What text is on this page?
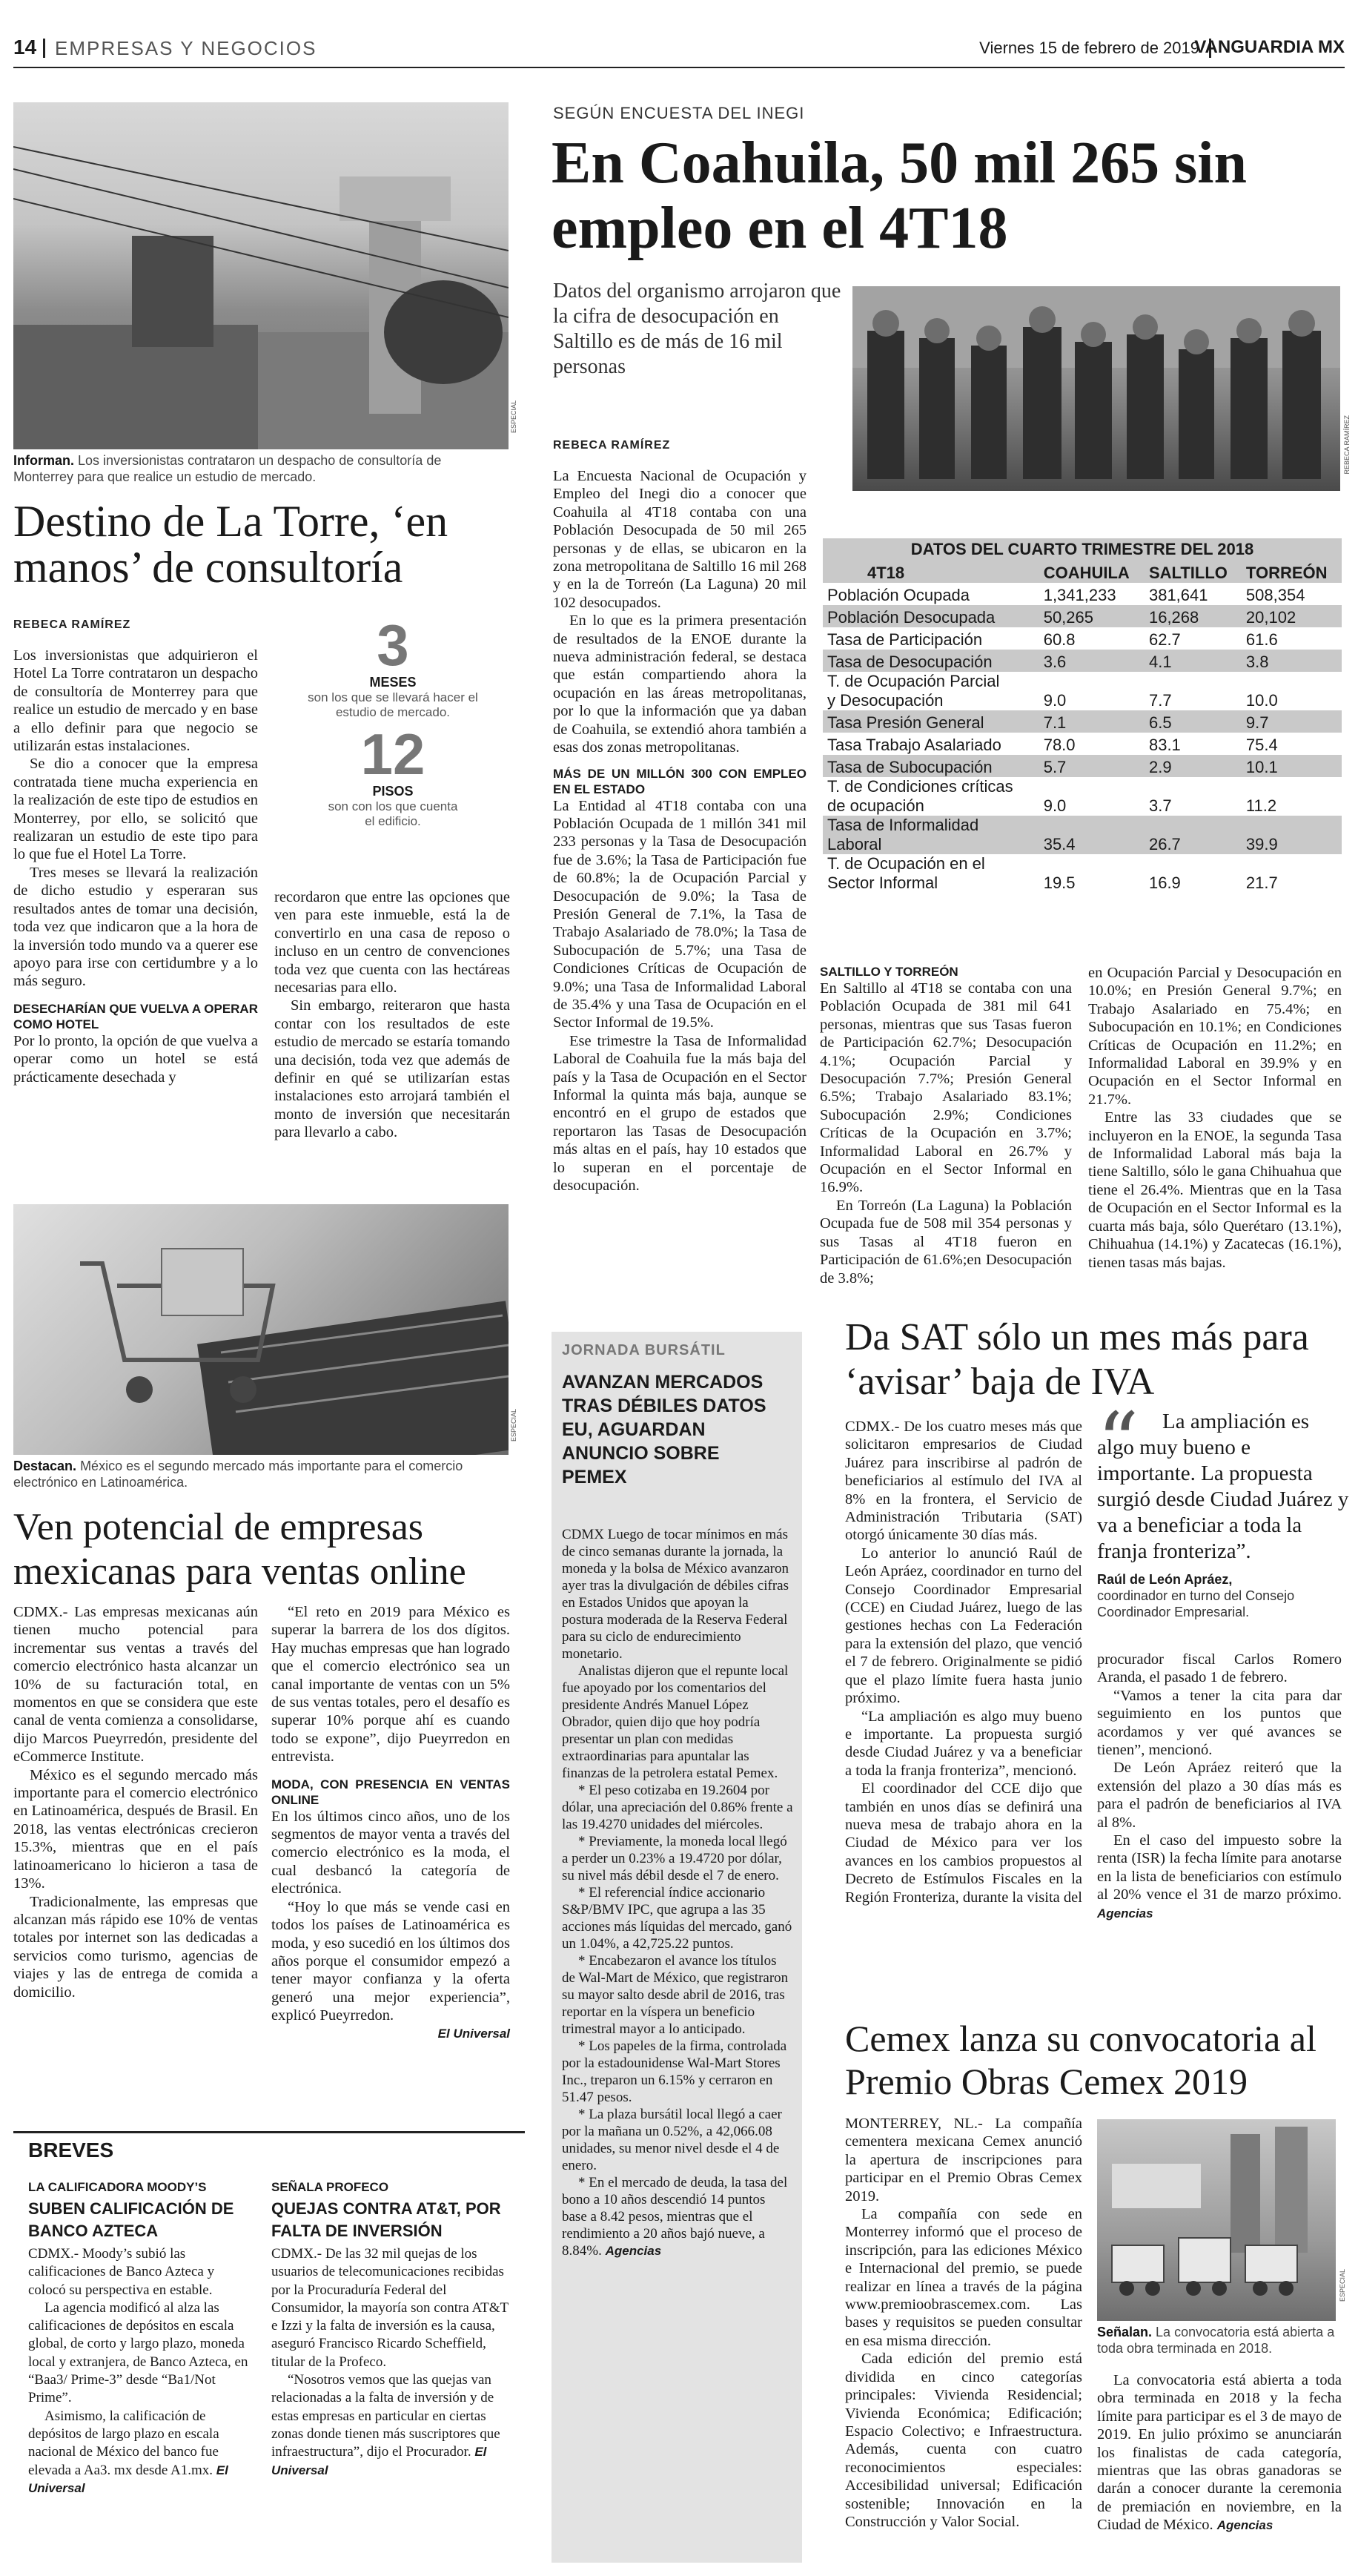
14 EMPRESAS Y NEGOCIOS	Viernes 15 de febrero de 2019
VANGUARDIA MX
ESPECIAL
Informan. Los inversionistas contrataron un despacho de consultoría de Monterrey para que realice un estudio de mercado.
Destino de La Torre, ‘en manos’ de consultoría
REBECA RAMÍREZ

Los inversionistas que adquirieron el Hotel La Torre contrataron un despacho de consultoría de Monterrey para que realice un estudio de mercado y en base a ello definir para que negocio se utilizarán estas instalaciones.

Se dio a conocer que la empresa contratada tiene mucha experiencia en la realización de este tipo de estudios en Monterrey, por ello, se solicitó que realizaran un estudio de este tipo para lo que fue el Hotel La Torre.

Tres meses se llevará la realización de dicho estudio y esperaran sus resultados antes de tomar una decisión, toda vez que indicaron que a la hora de la inversión todo mundo va a querer ese apoyo para irse con certidumbre y a lo más seguro.

DESECHARÍAN QUE VUELVA A OPERAR COMO HOTEL

Por lo pronto, la opción de que vuelva a operar como un hotel se está prácticamente desechada y

3
MESES
son los que se llevará hacer el estudio de mercado.
12
PISOS
son con los que cuenta el edificio.

recordaron que entre las opciones que ven para este inmueble, está la de convertirlo en una casa de reposo o incluso en un centro de convenciones toda vez que cuenta con las hectáreas necesarias para ello.

Sin embargo, reiteraron que hasta contar con los resultados de este estudio de mercado se estaría tomando una decisión, toda vez que además de definir en qué se utilizarían estas instalaciones esto arrojará también el monto de inversión que necesitarán para llevarlo a cabo.

SEGÚN ENCUESTA DEL INEGI
En Coahuila, 50 mil 265 sin empleo en el 4T18
Datos del organismo arrojaron que la cifra de desocupación en Saltillo es de más de 16 mil personas
REBECA RAMÍREZ
REBECA RAMÍREZ

La Encuesta Nacional de Ocupación y Empleo del Inegi dio a conocer que Coahuila al 4T18 contaba con una Población Desocupada de 50 mil 265 personas y de ellas, se ubicaron en la zona metropolitana de Saltillo 16 mil 268 y en la de Torreón (La Laguna) 20 mil 102 desocupados.

En lo que es la primera presentación de resultados de la ENOE durante la nueva administración federal, se destaca que están compartiendo ahora la ocupación en las áreas metropolitanas, por lo que la información que ya daban de Coahuila, se extendió ahora también a esas dos zonas metropolitanas.

MÁS DE UN MILLÓN 300 CON EMPLEO EN EL ESTADO

La Entidad al 4T18 contaba con una Población Ocupada de 1 millón 341 mil 233 personas y la Tasa de Desocupación fue de 3.6%; la Tasa de Participación fue de 60.8%; la de Ocupación Parcial y Desocupación de 9.0%; la Tasa de Presión General de 7.1%, la Tasa de Trabajo Asalariado de 78.0%; la Tasa de Subocupación de 5.7%; una Tasa de Condiciones Críticas de Ocupación de 9.0%; una Tasa de Informalidad Laboral de 35.4% y una Tasa de Ocupación en el Sector Informal de 19.5%.

Ese trimestre la Tasa de Informalidad Laboral de Coahuila fue la más baja del país y la Tasa de Ocupación en el Sector Informal la quinta más baja, aunque se encontró en el grupo de estados que reportaron las Tasas de Desocupación más altas en el país, hay 10 estados que lo superan en el porcentaje de desocupación.

DATOS DEL CUARTO TRIMESTRE DEL 2018
4T18	COAHUILA	SALTILLO	TORREÓN
Población Ocupada	1,341,233	381,641	508,354
Población Desocupada	50,265	16,268	20,102
Tasa de Participación	60.8	62.7	61.6
Tasa de Desocupación	3.6	4.1	3.8
T. de Ocupación Parcial
y Desocupación	9.0	7.7	10.0
Tasa Presión General	7.1	6.5	9.7
Tasa Trabajo Asalariado	78.0	83.1	75.4
Tasa de Subocupación	5.7	2.9	10.1
T. de Condiciones críticas
de ocupación	9.0	3.7	11.2
Tasa de Informalidad
Laboral	35.4	26.7	39.9
T. de Ocupación en el
Sector Informal	19.5	16.9	21.7
SALTILLO Y TORREÓN

En Saltillo al 4T18 se contaba con una Población Ocupada de 381 mil 641 personas, mientras que sus Tasas fueron de Participación 62.7%; Desocupación 4.1%; Ocupación Parcial y Desocupación 7.7%; Presión General 6.5%; Trabajo Asalariado 83.1%; Subocupación 2.9%; Condiciones Críticas de la Ocupación en 3.7%; Informalidad Laboral en 26.7% y Ocupación en el Sector Informal en 16.9%.

En Torreón (La Laguna) la Población Ocupada fue de 508 mil 354 personas y sus Tasas al 4T18 fueron en Participación de 61.6%;en Desocupación de 3.8%;

en Ocupación Parcial y Desocupación en 10.0%; en Presión General 9.7%; en Trabajo Asalariado en 75.4%; en Subocupación en 10.1%; en Condiciones Críticas de Ocupación en 11.2%; en Informalidad Laboral en 39.9% y en Ocupación en el Sector Informal en 21.7%.

Entre las 33 ciudades que se incluyeron en la ENOE, la segunda Tasa de Informalidad Laboral más baja la tiene Saltillo, sólo le gana Chihuahua que tiene el 26.4%. Mientras que en la Tasa de Ocupación en el Sector Informal es la cuarta más baja, sólo Querétaro (13.1%), Chihuahua (14.1%) y Zacatecas (16.1%), tienen tasas más bajas.

ESPECIAL
Destacan. México es el segundo mercado más importante para el comercio electrónico en Latinoamérica.
Ven potencial de empresas mexicanas para ventas online

CDMX.- Las empresas mexicanas aún tienen mucho potencial para incrementar sus ventas a través del comercio electrónico hasta alcanzar un 10% de su facturación total, en momentos en que se considera que este canal de venta comienza a consolidarse, dijo Marcos Pueyrredón, presidente del eCommerce Institute.

México es el segundo mercado más importante para el comercio electrónico en Latinoamérica, después de Brasil. En 2018, las ventas electrónicas crecieron 15.3%, mientras que en el país latinoamericano lo hicieron a tasa de 13%.

Tradicionalmente, las empresas que alcanzan más rápido ese 10% de ventas totales por internet son las dedicadas a servicios como turismo, agencias de viajes y las de entrega de comida a domicilio.

“El reto en 2019 para México es superar la barrera de los dos dígitos. Hay muchas empresas que han logrado que el comercio electrónico sea un canal importante de ventas con un 5% de sus ventas totales, pero el desafío es superar 10% porque ahí es cuando todo se expone”, dijo Pueyrredon en entrevista.

MODA, CON PRESENCIA EN VENTAS ONLINE

En los últimos cinco años, uno de los segmentos de mayor venta a través del comercio electrónico es la moda, el cual desbancó la categoría de electrónica.

“Hoy lo que más se vende casi en todos los países de Latinoamérica es moda, y eso sucedió en los últimos dos años porque el consumidor empezó a tener mayor confianza y la oferta generó una mejor experiencia”, explicó Pueyrredon.

El Universal
BREVES
LA CALIFICADORA MOODY’S
SUBEN CALIFICACIÓN DE BANCO AZTECA

CDMX.- Moody’s subió las calificaciones de Banco Azteca y colocó su perspectiva en estable.

La agencia modificó al alza las calificaciones de depósitos en escala global, de corto y largo plazo, moneda local y extranjera, de Banco Azteca, en “Baa3/ Prime-3” desde “Ba1/Not Prime”.

Asimismo, la calificación de depósitos de largo plazo en escala nacional de México del banco fue elevada a Aa3. mx desde A1.mx. El Universal

SEÑALA PROFECO
QUEJAS CONTRA AT&T, POR FALTA DE INVERSIÓN

CDMX.- De las 32 mil quejas de los usuarios de telecomunicaciones recibidas por la Procuraduría Federal del Consumidor, la mayoría son contra AT&T e Izzi y la falta de inversión es la causa, aseguró Francisco Ricardo Scheffield, titular de la Profeco.

“Nosotros vemos que las quejas van relacionadas a la falta de inversión y de estas empresas en particular en ciertas zonas donde tienen más suscriptores que infraestructura”, dijo el Procurador. El Universal

JORNADA BURSÁTIL
AVANZAN MERCADOS TRAS DÉBILES DATOS EU, AGUARDAN ANUNCIO SOBRE PEMEX

CDMX Luego de tocar mínimos en más de cinco semanas durante la jornada, la moneda y la bolsa de México avanzaron ayer tras la divulgación de débiles cifras en Estados Unidos que apoyan la postura moderada de la Reserva Federal para su ciclo de endurecimiento monetario.

Analistas dijeron que el repunte local fue apoyado por los comentarios del presidente Andrés Manuel López Obrador, quien dijo que hoy podría presentar un plan con medidas extraordinarias para apuntalar las finanzas de la petrolera estatal Pemex.

* El peso cotizaba en 19.2604 por dólar, una apreciación del 0.86% frente a las 19.4270 unidades del miércoles.

* Previamente, la moneda local llegó a perder un 0.23% a 19.4720 por dólar, su nivel más débil desde el 7 de enero.

* El referencial índice accionario S&P/BMV IPC, que agrupa a las 35 acciones más líquidas del mercado, ganó un 1.04%, a 42,725.22 puntos.

* Encabezaron el avance los títulos de Wal-Mart de México, que registraron su mayor salto desde abril de 2016, tras reportar en la víspera un beneficio trimestral mayor a lo anticipado.

* Los papeles de la firma, controlada por la estadounidense Wal-Mart Stores Inc., treparon un 6.15% y cerraron en 51.47 pesos.

* La plaza bursátil local llegó a caer por la mañana un 0.52%, a 42,066.08 unidades, su menor nivel desde el 4 de enero.

* En el mercado de deuda, la tasa del bono a 10 años descendió 14 puntos base a 8.42 pesos, mientras que el rendimiento a 20 años bajó nueve, a 8.84%. Agencias

Da SAT sólo un mes más para ‘avisar’ baja de IVA

CDMX.- De los cuatro meses más que solicitaron empresarios de Ciudad Juárez para inscribirse al padrón de beneficiarios al estímulo del IVA al 8% en la frontera, el Servicio de Administración Tributaria (SAT) otorgó únicamente 30 días más.

Lo anterior lo anunció Raúl de León Apráez, coordinador en turno del Consejo Coordinador Empresarial (CCE) en Ciudad Juárez, luego de las gestiones hechas con La Federación para la extensión del plazo, que venció el 7 de febrero. Originalmente se pidió que el plazo límite fuera hasta junio próximo.

“La ampliación es algo muy bueno e importante. La propuesta surgió desde Ciudad Juárez y va a beneficiar a toda la franja fronteriza”, mencionó.

El coordinador del CCE dijo que también en unos días se definirá una nueva mesa de trabajo ahora en la Ciudad de México para ver los avances en los cambios propuestos al Decreto de Estímulos Fiscales en la Región Fronteriza, durante la visita del

“	La ampliación es algo muy bueno e importante. La propuesta surgió desde Ciudad Juárez y va a beneficiar a toda la franja fronteriza”.
Raúl de León Apráez,
coordinador en turno del Consejo Coordinador Empresarial.

procurador fiscal Carlos Romero Aranda, el pasado 1 de febrero.

“Vamos a tener la cita para dar seguimiento en los puntos que acordamos y ver qué avances se tienen”, mencionó.

De León Apráez reiteró que la extensión del plazo a 30 días más es para el padrón de beneficiarios al IVA al 8%.

En el caso del impuesto sobre la renta (ISR) la fecha límite para anotarse en la lista de beneficiarios con estímulo al 20% vence el 31 de marzo próximo. Agencias

Cemex lanza su convocatoria al Premio Obras Cemex 2019

MONTERREY, NL.- La compañía cementera mexicana Cemex anunció la apertura de inscripciones para participar en el Premio Obras Cemex 2019.

La compañía con sede en Monterrey informó que el proceso de inscripción, para las ediciones México e Internacional del premio, se puede realizar en línea a través de la página www.premioobrascemex.com. Las bases y requisitos se pueden consultar en esa misma dirección.

Cada edición del premio está dividida en cinco categorías principales: Vivienda Residencial; Vivienda Económica; Edificación; Espacio Colectivo; e Infraestructura. Además, cuenta con cuatro reconocimientos especiales: Accesibilidad universal; Edificación sostenible; Innovación en la Construcción y Valor Social.

ESPECIAL
Señalan. La convocatoria está abierta a toda obra terminada en 2018.

La convocatoria está abierta a toda obra terminada en 2018 y la fecha límite para participar es el 3 de mayo de 2019. En julio próximo se anunciarán los finalistas de cada categoría, mientras que las obras ganadoras se darán a conocer durante la ceremonia de premiación en noviembre, en la Ciudad de México. Agencias
